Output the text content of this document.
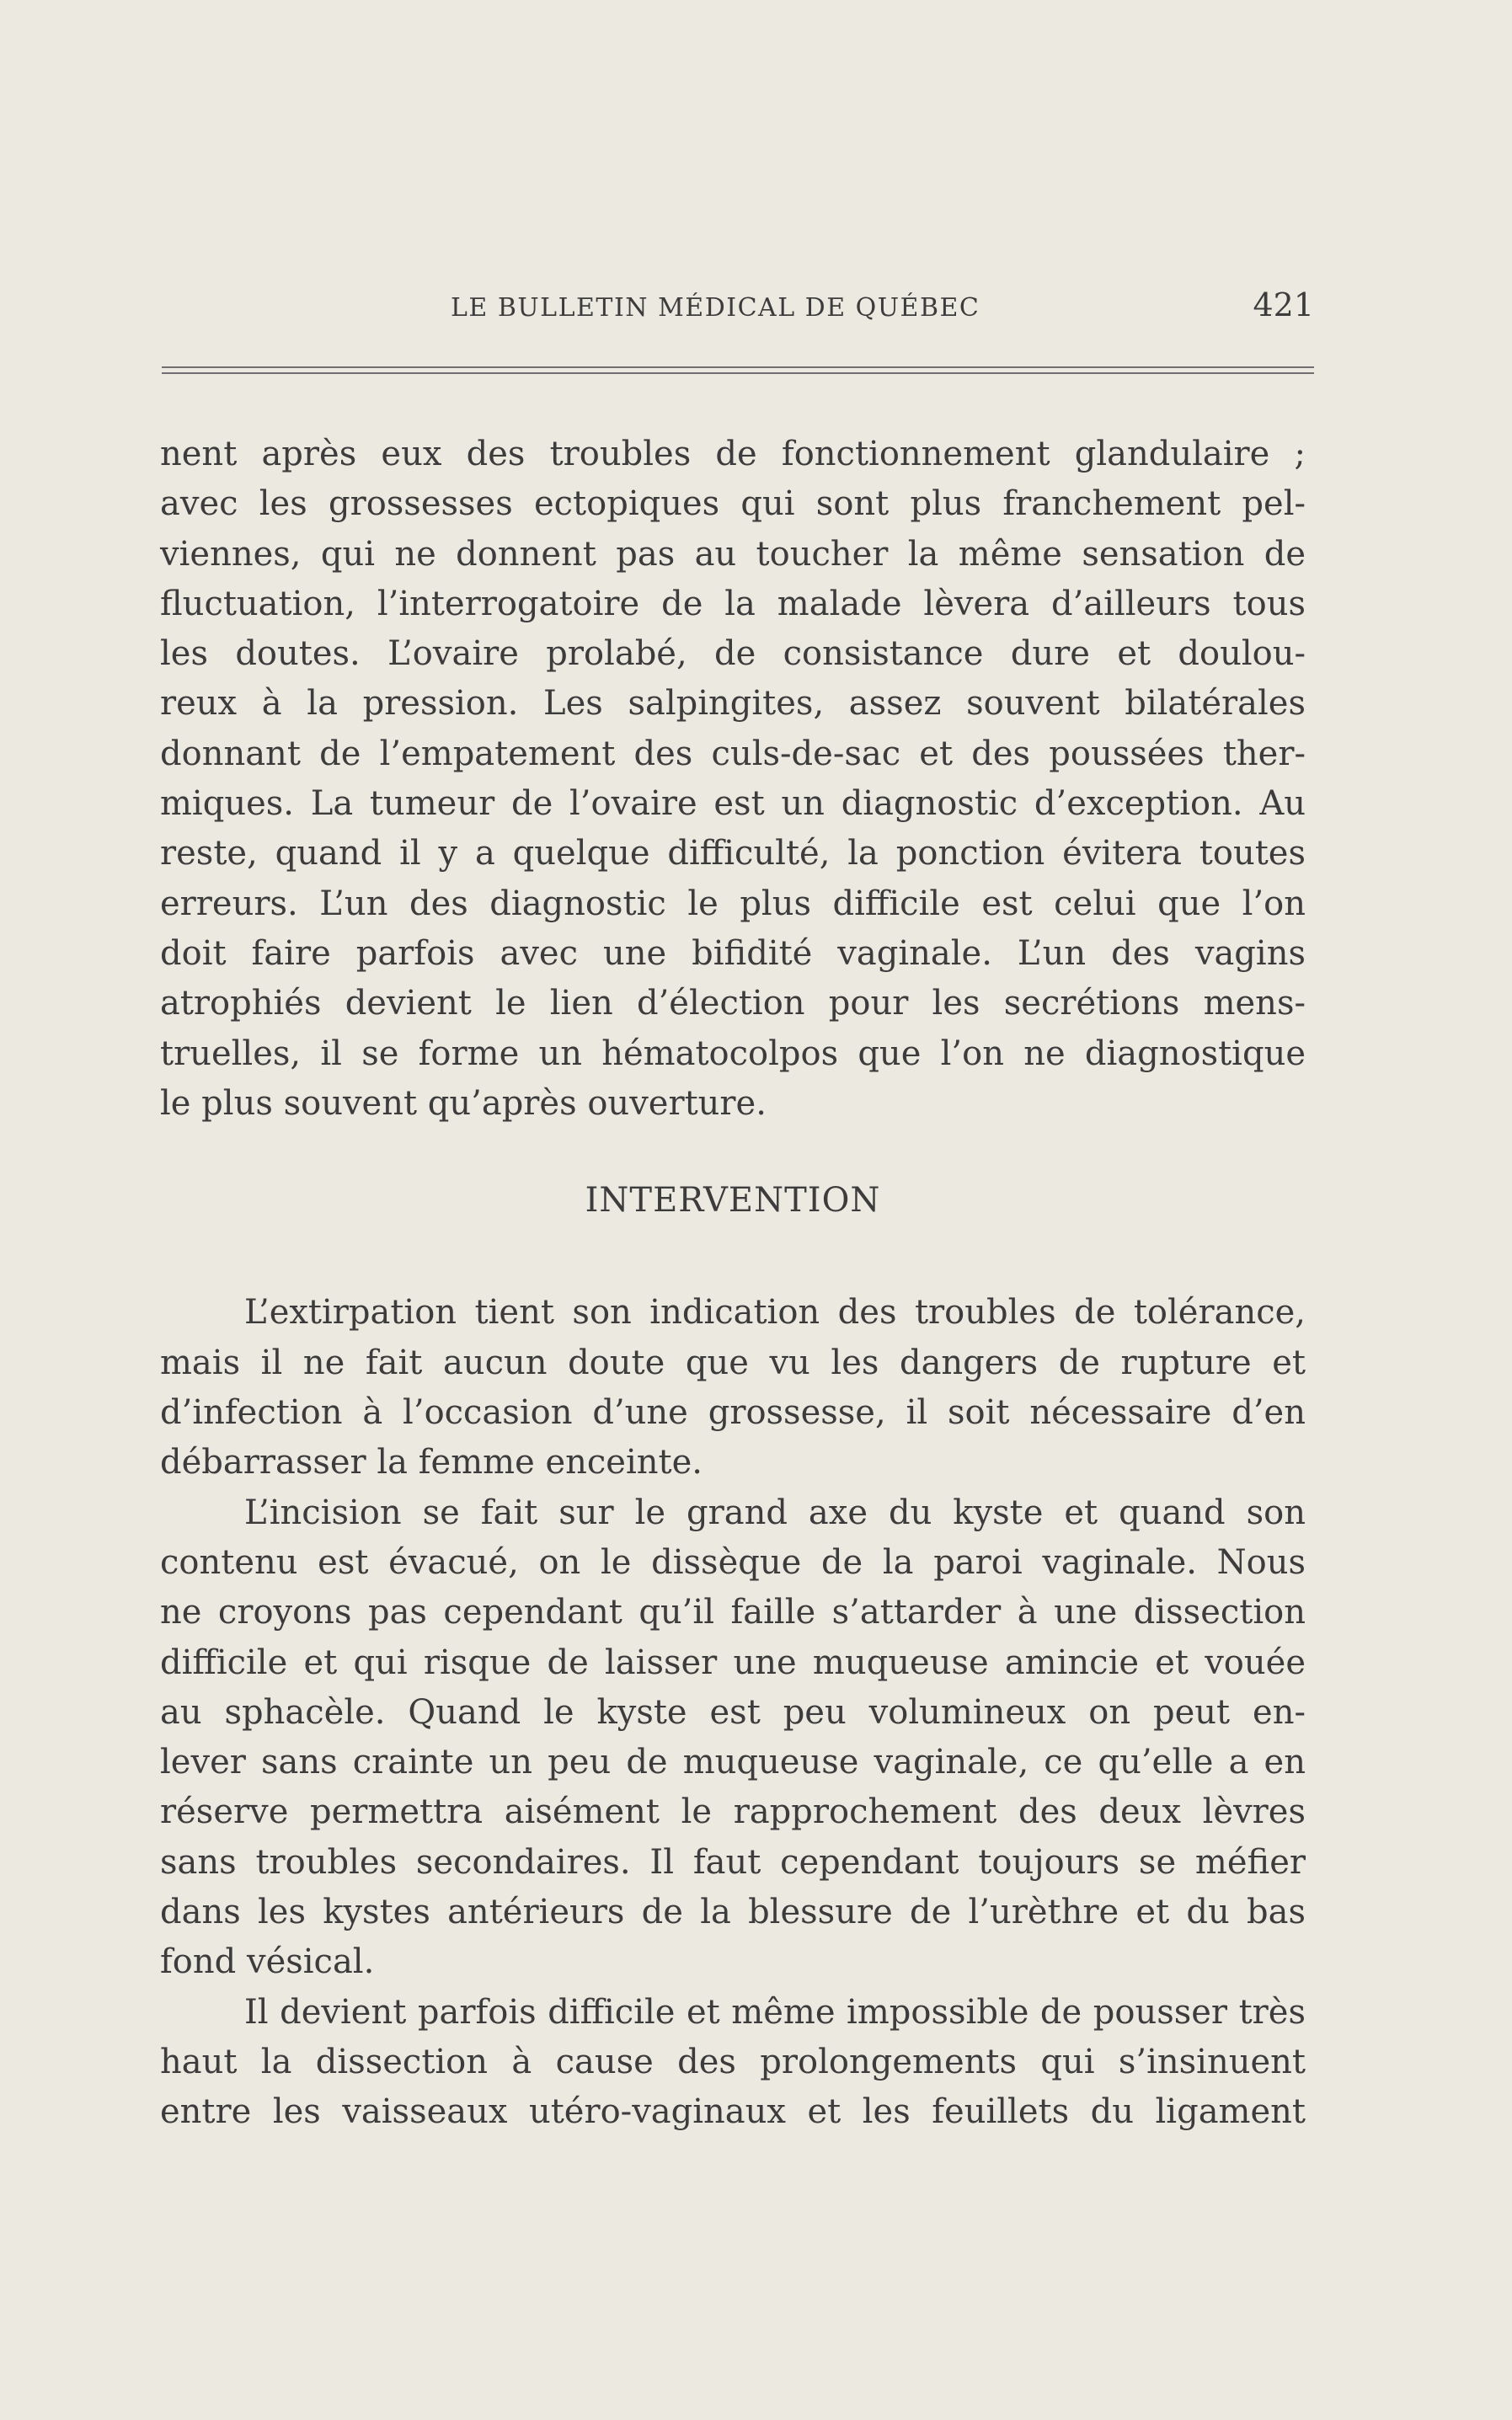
LE BULLETIN MÉDICAL DE QUÉBEC	421

nent après eux des troubles de fonctionnement glandulaire ;
avec les grossesses ectopiques qui sont plus franchement pel-
viennes, qui ne donnent pas au toucher la même sensation de
fluctuation, l’interrogatoire de la malade lèvera d’ailleurs tous
les doutes. L’ovaire prolabé, de consistance dure et doulou-
reux à la pression. Les salpingites, assez souvent bilatérales
donnant de l’empatement des culs-de-sac et des poussées ther-
miques. La tumeur de l’ovaire est un diagnostic d’exception. Au
reste, quand il y a quelque difficulté, la ponction évitera toutes
erreurs. L’un des diagnostic le plus difficile est celui que l’on
doit faire parfois avec une bifidité vaginale. L’un des vagins
atrophiés devient le lien d’élection pour les secrétions mens-
truelles, il se forme un hématocolpos que l’on ne diagnostique
le plus souvent qu’après ouverture.

INTERVENTION

L’extirpation tient son indication des troubles de tolérance,
mais il ne fait aucun doute que vu les dangers de rupture et
d’infection à l’occasion d’une grossesse, il soit nécessaire d’en
débarrasser la femme enceinte.

L’incision se fait sur le grand axe du kyste et quand son
contenu est évacué, on le dissèque de la paroi vaginale. Nous
ne croyons pas cependant qu’il faille s’attarder à une dissection
difficile et qui risque de laisser une muqueuse amincie et vouée
au sphacèle. Quand le kyste est peu volumineux on peut en-
lever sans crainte un peu de muqueuse vaginale, ce qu’elle a en
réserve permettra aisément le rapprochement des deux lèvres
sans troubles secondaires. Il faut cependant toujours se méfier
dans les kystes antérieurs de la blessure de l’urèthre et du bas
fond vésical.

Il devient parfois difficile et même impossible de pousser très
haut la dissection à cause des prolongements qui s’insinuent
entre les vaisseaux utéro-vaginaux et les feuillets du ligament
